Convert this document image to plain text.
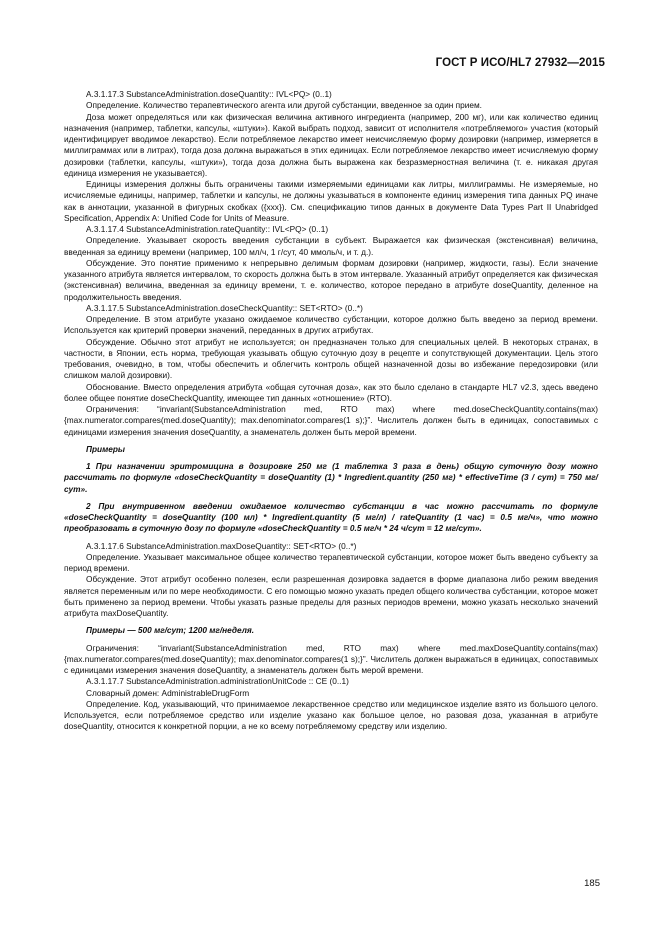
ГОСТ Р ИСО/HL7 27932—2015

A.3.1.17.3 SubstanceAdministration.doseQuantity:: IVL<PQ> (0..1)

Определение. Количество терапевтического агента или другой субстанции, введенное за один прием.

Доза может определяться или как физическая величина активного ингредиента (например, 200 мг), или как количество единиц назначения (например, таблетки, капсулы, «штуки»). Какой выбрать подход, зависит от исполнителя «потребляемого» участия (который идентифицирует вводимое лекарство). Если потребляемое лекарство имеет неисчисляемую форму дозировки (например, измеряется в миллиграммах или в литрах), тогда доза должна выражаться в этих единицах. Если потребляемое лекарство имеет исчисляемую форму дозировки (таблетки, капсулы, «штуки»), тогда доза должна быть выражена как безразмерностная величина (т. е. никакая другая единица измерения не указывается).

Единицы измерения должны быть ограничены такими измеряемыми единицами как литры, миллиграммы. Не измеряемые, но исчисляемые единицы, например, таблетки и капсулы, не должны указываться в компоненте единиц измерения типа данных PQ иначе как в аннотации, указанной в фигурных скобках ({xxx}). См. спецификацию типов данных в документе Data Types Part II Unabridged Specification, Appendix A: Unified Code for Units of Measure.

A.3.1.17.4 SubstanceAdministration.rateQuantity:: IVL<PQ> (0..1)

Определение. Указывает скорость введения субстанции в субъект. Выражается как физическая (экстенсивная) величина, введенная за единицу времени (например, 100 мл/ч, 1 г/сут, 40 ммоль/ч, и т. д.).

Обсуждение. Это понятие применимо к непрерывно делимым формам дозировки (например, жидкости, газы). Если значение указанного атрибута является интервалом, то скорость должна быть в этом интервале. Указанный атрибут определяется как физическая (экстенсивная) величина, введенная за единицу времени, т. е. количество, которое передано в атрибуте doseQuantity, деленное на продолжительность введения.

A.3.1.17.5 SubstanceAdministration.doseCheckQuantity:: SET<RTO> (0..*)

Определение. В этом атрибуте указано ожидаемое количество субстанции, которое должно быть введено за период времени. Используется как критерий проверки значений, переданных в других атрибутах.

Обсуждение. Обычно этот атрибут не используется; он предназначен только для специальных целей. В некоторых странах, в частности, в Японии, есть норма, требующая указывать общую суточную дозу в рецепте и сопутствующей документации. Цель этого требования, очевидно, в том, чтобы обеспечить и облегчить контроль общей назначенной дозы во избежание передозировки (или слишком малой дозировки).

Обоснование. Вместо определения атрибута «общая суточная доза», как это было сделано в стандарте HL7 v2.3, здесь введено более общее понятие doseCheckQuantity, имеющее тип данных «отношение» (RTO).

Ограничения: “invariant(SubstanceAdministration med, RTO max) where med.doseCheckQuantity.contains(max) {max.numerator.compares(med.doseQuantity); max.denominator.compares(1 s);}”. Числитель должен быть в единицах, сопоставимых с единицами измерения значения doseQuantity, а знаменатель должен быть мерой времени.

Примеры

1 При назначении эритромицина в дозировке 250 мг (1 таблетка 3 раза в день) общую суточную дозу можно рассчитать по формуле «doseCheckQuantity = doseQuantity (1) * Ingredient.quantity (250 мг) * effectiveTime (3 / сут) = 750 мг/сут».

2 При внутривенном введении ожидаемое количество субстанции в час можно рассчитать по формуле «doseCheckQuantity = doseQuantity (100 мл) * Ingredient.quantity (5 мг/л) / rateQuantity (1 час) = 0.5 мг/ч», что можно преобразовать в суточную дозу по формуле «doseCheckQuantity = 0.5 мг/ч * 24 ч/сут = 12 мг/сут».

A.3.1.17.6 SubstanceAdministration.maxDoseQuantity:: SET<RTO> (0..*)

Определение. Указывает максимальное общее количество терапевтической субстанции, которое может быть введено субъекту за период времени.

Обсуждение. Этот атрибут особенно полезен, если разрешенная дозировка задается в форме диапазона либо режим введения является переменным или по мере необходимости. С его помощью можно указать предел общего количества субстанции, которое может быть применено за период времени. Чтобы указать разные пределы для разных периодов времени, можно указать несколько значений атрибута maxDoseQuantity.

Примеры — 500 мг/сут; 1200 мг/неделя.

Ограничения: “invariant(SubstanceAdministration med, RTO max) where med.maxDoseQuantity.contains(max) {max.numerator.compares(med.doseQuantity); max.denominator.compares(1 s);}”. Числитель должен выражаться в единицах, сопоставимых с единицами измерения значения doseQuantity, а знаменатель должен быть мерой времени.

A.3.1.17.7 SubstanceAdministration.administrationUnitCode :: CE (0..1)

Словарный домен: AdministrableDrugForm

Определение. Код, указывающий, что принимаемое лекарственное средство или медицинское изделие взято из большого целого. Используется, если потребляемое средство или изделие указано как большое целое, но разовая доза, указанная в атрибуте doseQuantity, относится к конкретной порции, а не ко всему потребляемому средству или изделию.

185
